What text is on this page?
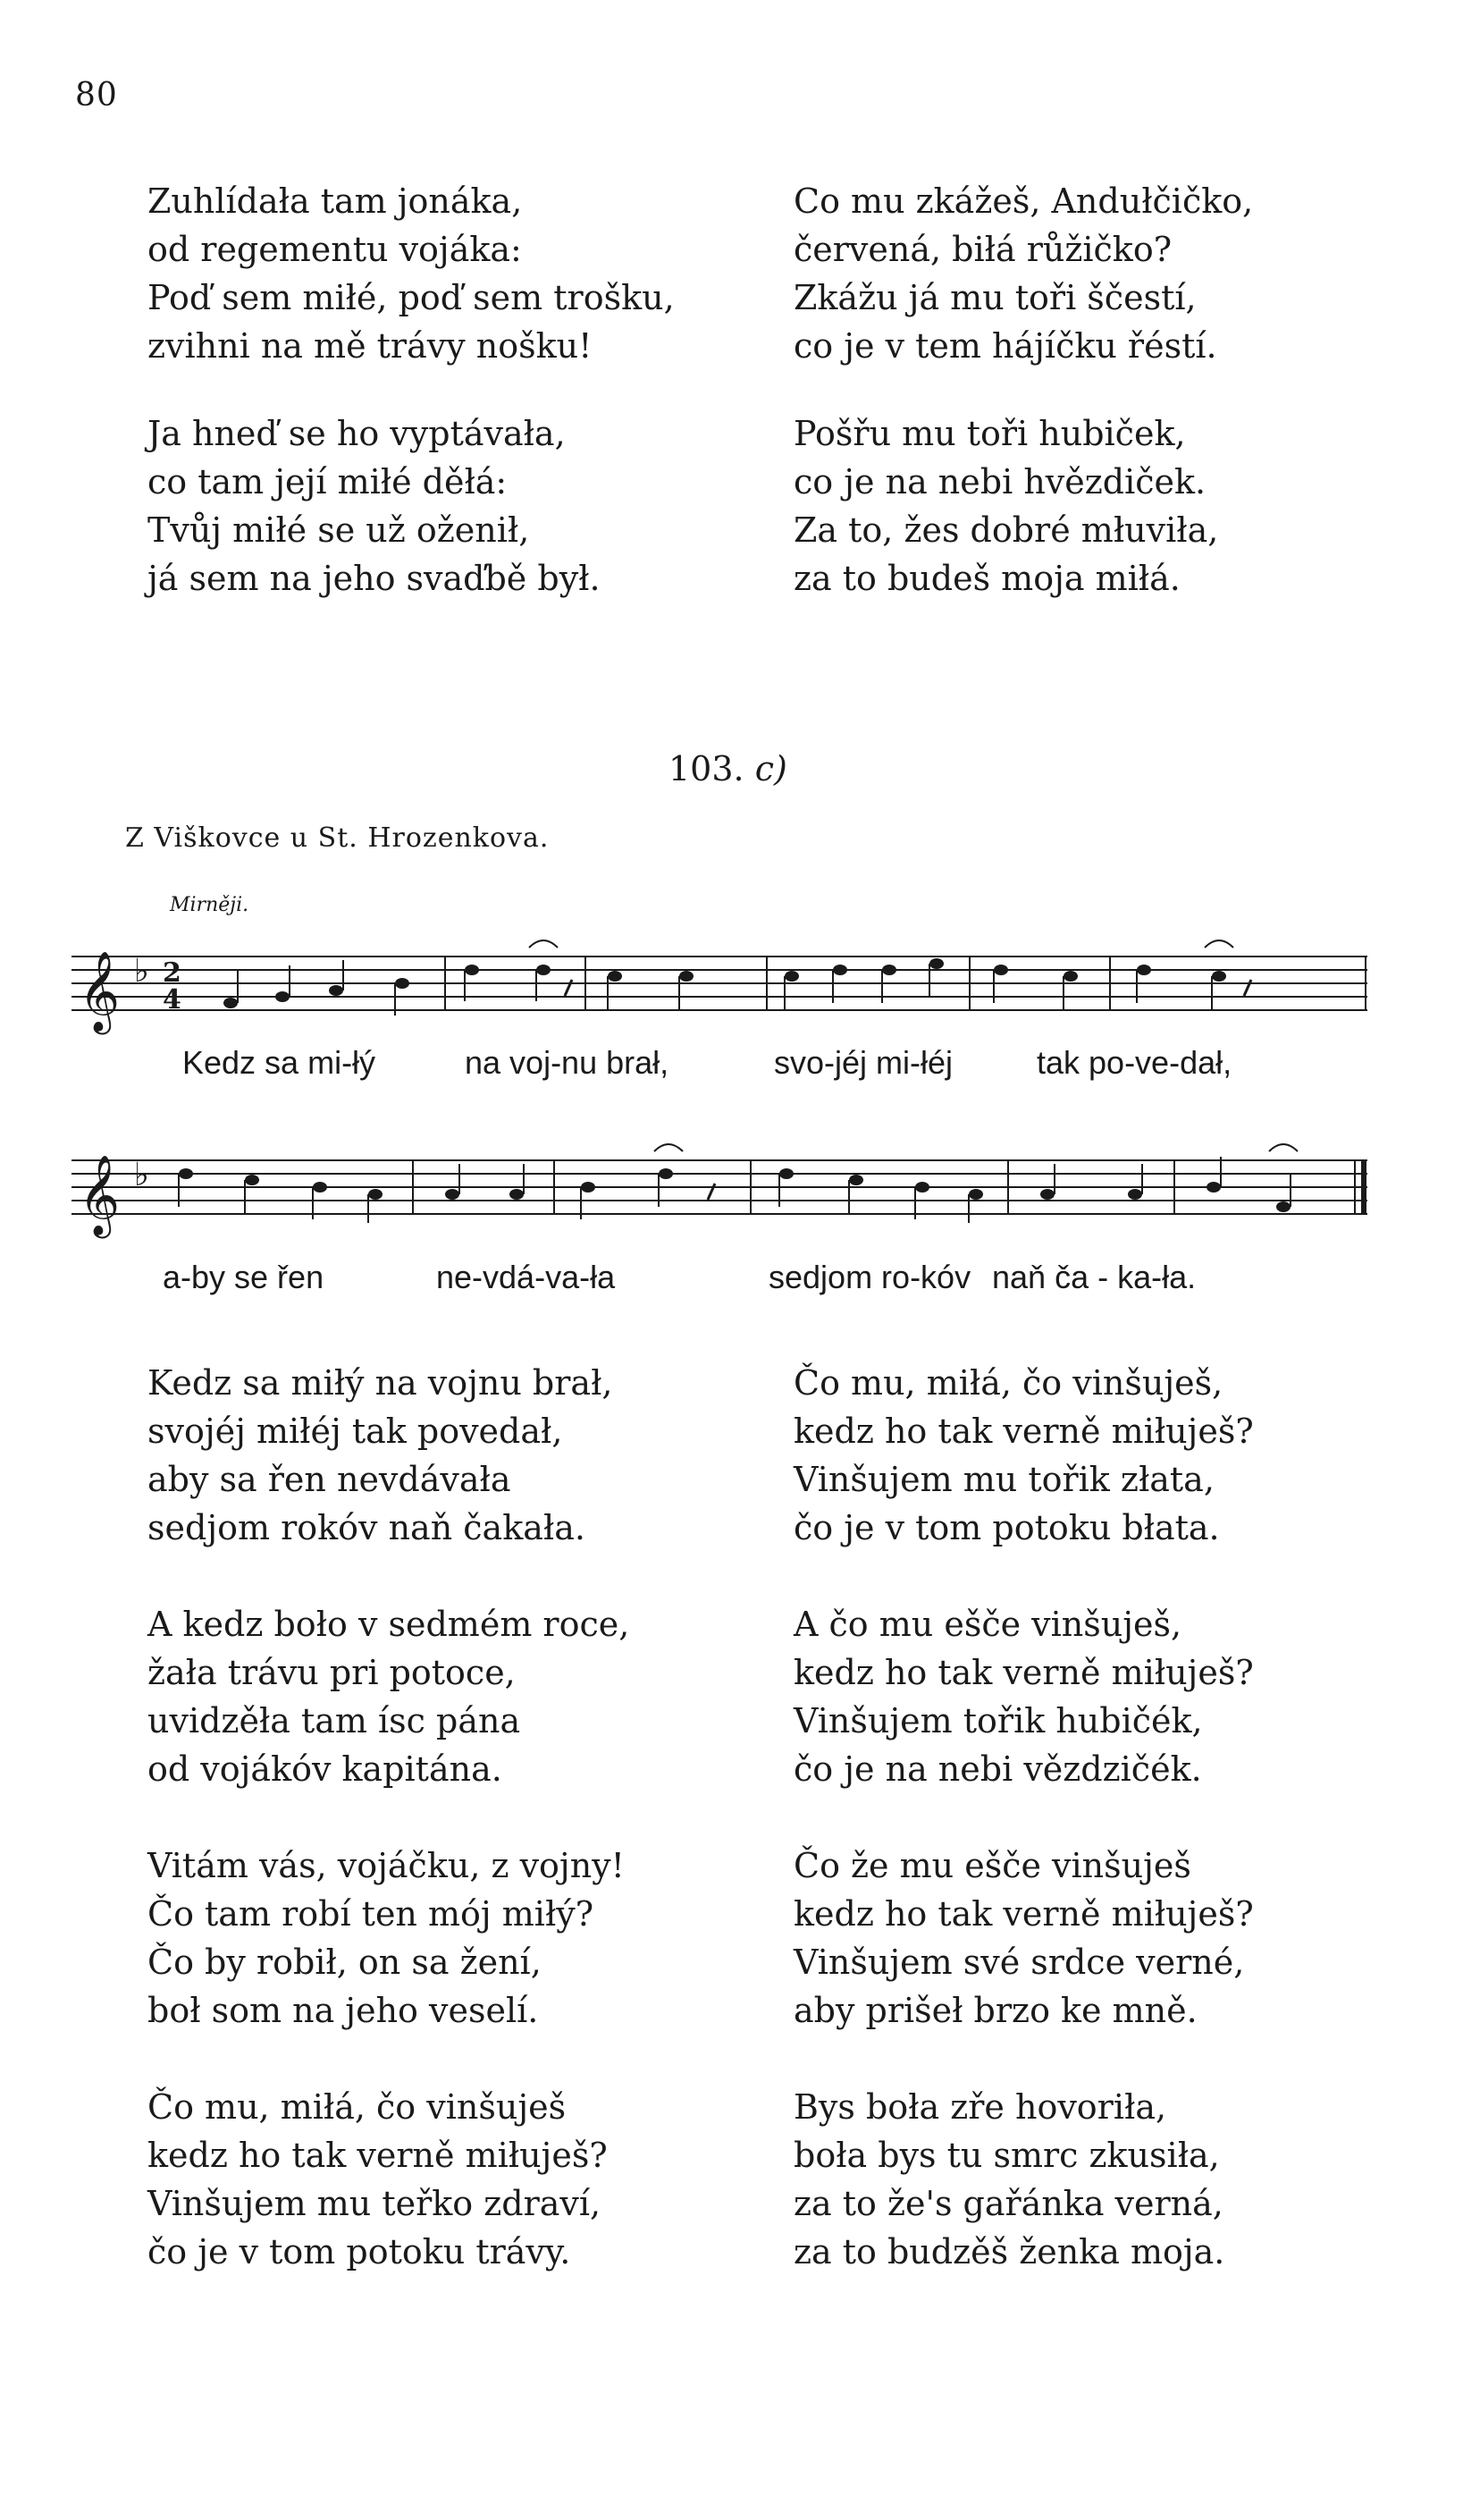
80
Zuhlídała tam jonáka,
od regementu vojáka:
Poď sem miłé, poď sem trošku,
zvihni na mě trávy nošku!
Ja hneď se ho vyptávała,
co tam její miłé děłá:
Tvůj miłé se už oženił,
já sem na jeho svaďbě był.
Co mu zkážeš, Andułčičko,
červená, biłá růžičko?
Zkážu já mu toři ščestí,
co je v tem hájíčku řéstí.
Pošřu mu toři hubiček,
co je na nebi hvězdiček.
Za to, žes dobré młuviła,
za to budeš moja miłá.
103. c)
Z Viškovce u St. Hrozenkova.
Mirněji.
𝄞 ♭ 2
4
Kedz sa mi-łý	na voj-nu brał,	svo-jéj mi-łéj	tak po-ve-dał,
𝄞 ♭
a-by se řen	ne-vdá-va-ła	sedjom ro-kóv naň ča - ka-ła.
Kedz sa miłý na vojnu brał,
svojéj miłéj tak povedał,
aby sa řen nevdávała
sedjom rokóv naň čakała.
A kedz boło v sedmém roce,
žała trávu pri potoce,
uvidzěła tam ísc pána
od vojákóv kapitána.
Vitám vás, vojáčku, z vojny!
Čo tam robí ten mój miłý?
Čo by robił, on sa žení,
boł som na jeho veselí.
Čo mu, miłá, čo vinšuješ
kedz ho tak verně miłuješ?
Vinšujem mu teřko zdraví,
čo je v tom potoku trávy.
Čo mu, miłá, čo vinšuješ,
kedz ho tak verně miłuješ?
Vinšujem mu tořik złata,
čo je v tom potoku błata.
A čo mu ešče vinšuješ,
kedz ho tak verně miłuješ?
Vinšujem tořik hubičék,
čo je na nebi vězdzičék.
Čo že mu ešče vinšuješ
kedz ho tak verně miłuješ?
Vinšujem své srdce verné,
aby prišeł brzo ke mně.
Bys boła zře hovoriła,
boła bys tu smrc zkusiła,
za to že's gařánka verná,
za to budzěš ženka moja.
